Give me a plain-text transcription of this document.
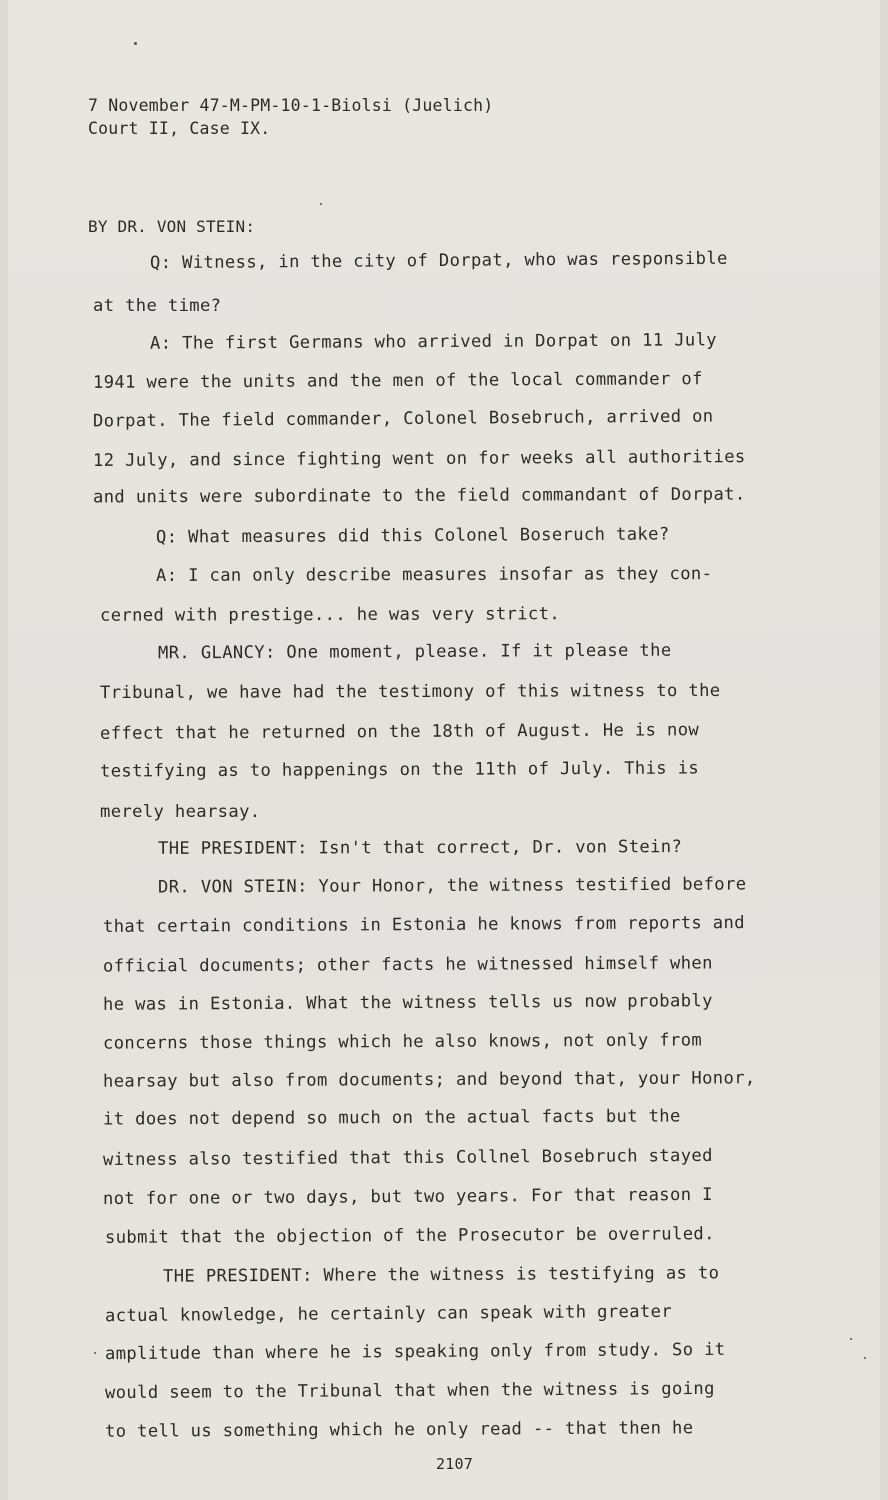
7 November 47-M-PM-10-1-Biolsi (Juelich)
Court II, Case IX.
BY DR. VON STEIN:
Q: Witness, in the city of Dorpat, who was responsible
at the time?
A: The first Germans who arrived in Dorpat on 11 July
1941 were the units and the men of the local commander of
Dorpat. The field commander, Colonel Bosebruch, arrived on
12 July, and since fighting went on for weeks all authorities
and units were subordinate to the field commandant of Dorpat.
Q: What measures did this Colonel Boseruch take?
A: I can only describe measures insofar as they con-
cerned with prestige... he was very strict.
MR. GLANCY: One moment, please. If it please the
Tribunal, we have had the testimony of this witness to the
effect that he returned on the 18th of August. He is now
testifying as to happenings on the 11th of July. This is
merely hearsay.
THE PRESIDENT: Isn't that correct, Dr. von Stein?
DR. VON STEIN: Your Honor, the witness testified before
that certain conditions in Estonia he knows from reports and
official documents; other facts he witnessed himself when
he was in Estonia. What the witness tells us now probably
concerns those things which he also knows, not only from
hearsay but also from documents; and beyond that, your Honor,
it does not depend so much on the actual facts but the
witness also testified that this Collnel Bosebruch stayed
not for one or two days, but two years. For that reason I
submit that the objection of the Prosecutor be overruled.
THE PRESIDENT: Where the witness is testifying as to
actual knowledge, he certainly can speak with greater
amplitude than where he is speaking only from study. So it
would seem to the Tribunal that when the witness is going
to tell us something which he only read -- that then he
2107
